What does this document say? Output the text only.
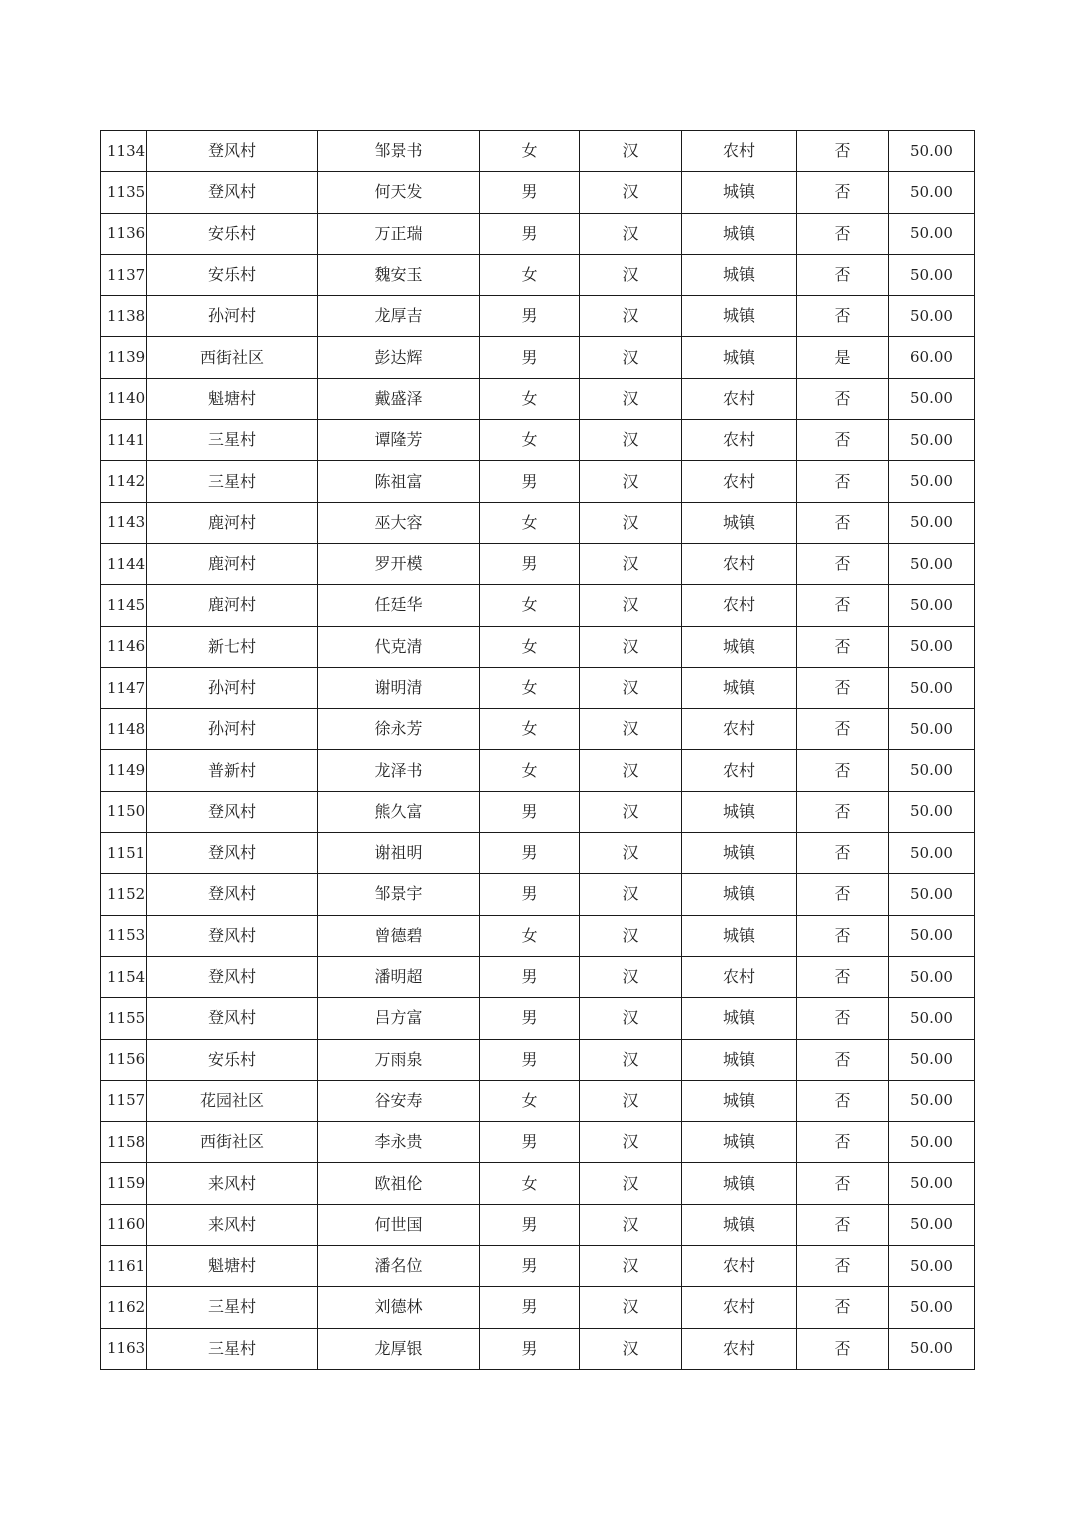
1134	登风村	邹景书	女	汉	农村	否	50.00
1135	登风村	何天发	男	汉	城镇	否	50.00
1136	安乐村	万正瑞	男	汉	城镇	否	50.00
1137	安乐村	魏安玉	女	汉	城镇	否	50.00
1138	孙河村	龙厚吉	男	汉	城镇	否	50.00
1139	西街社区	彭达辉	男	汉	城镇	是	60.00
1140	魁塘村	戴盛泽	女	汉	农村	否	50.00
1141	三星村	谭隆芳	女	汉	农村	否	50.00
1142	三星村	陈祖富	男	汉	农村	否	50.00
1143	鹿河村	巫大容	女	汉	城镇	否	50.00
1144	鹿河村	罗开模	男	汉	农村	否	50.00
1145	鹿河村	任廷华	女	汉	农村	否	50.00
1146	新七村	代克清	女	汉	城镇	否	50.00
1147	孙河村	谢明清	女	汉	城镇	否	50.00
1148	孙河村	徐永芳	女	汉	农村	否	50.00
1149	普新村	龙泽书	女	汉	农村	否	50.00
1150	登风村	熊久富	男	汉	城镇	否	50.00
1151	登风村	谢祖明	男	汉	城镇	否	50.00
1152	登风村	邹景宇	男	汉	城镇	否	50.00
1153	登风村	曾德碧	女	汉	城镇	否	50.00
1154	登风村	潘明超	男	汉	农村	否	50.00
1155	登风村	吕方富	男	汉	城镇	否	50.00
1156	安乐村	万雨泉	男	汉	城镇	否	50.00
1157	花园社区	谷安寿	女	汉	城镇	否	50.00
1158	西街社区	李永贵	男	汉	城镇	否	50.00
1159	来风村	欧祖伦	女	汉	城镇	否	50.00
1160	来风村	何世国	男	汉	城镇	否	50.00
1161	魁塘村	潘名位	男	汉	农村	否	50.00
1162	三星村	刘德林	男	汉	农村	否	50.00
1163	三星村	龙厚银	男	汉	农村	否	50.00
